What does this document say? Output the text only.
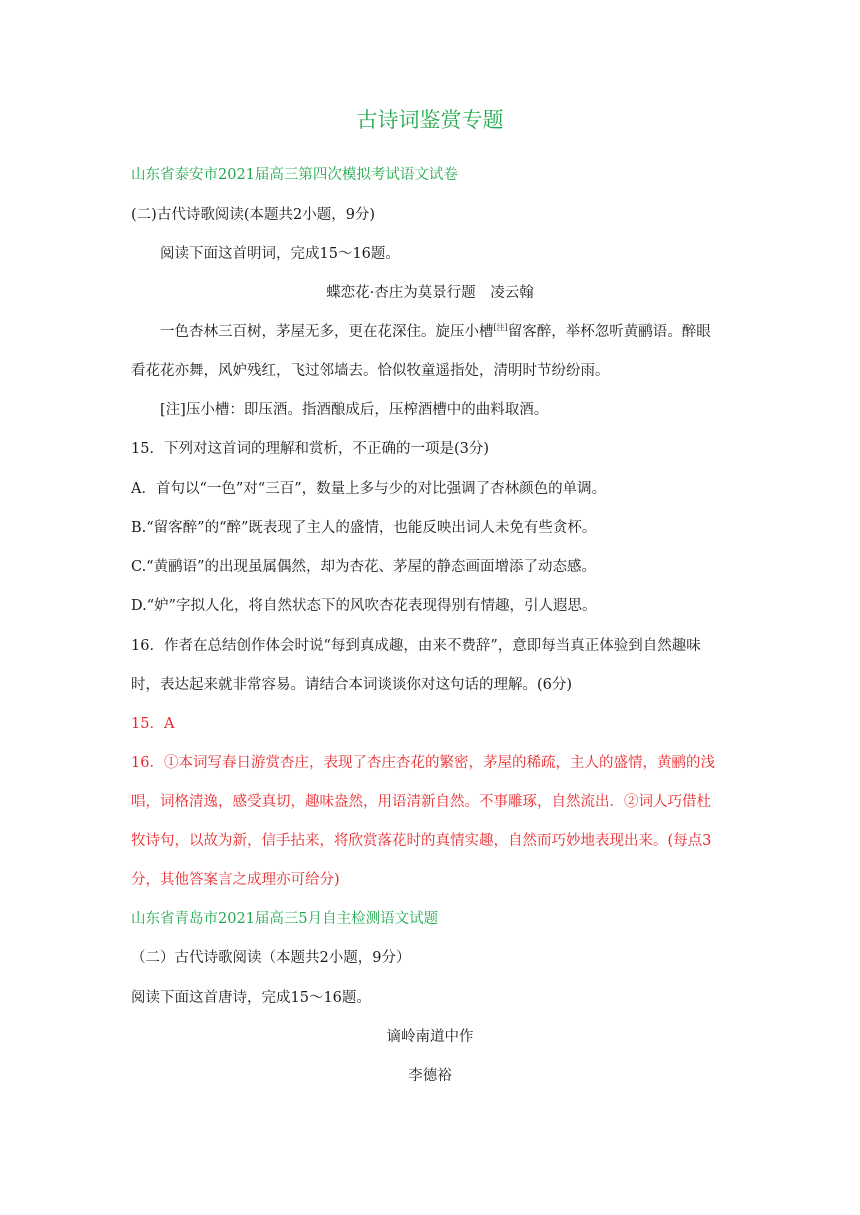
古诗词鉴赏专题
山东省泰安市2021届高三第四次模拟考试语文试卷
(二)古代诗歌阅读(本题共2小题，9分)
阅读下面这首明词，完成15～16题。
蝶恋花·杏庄为莫景行题　凌云翰
一色杏林三百树，茅屋无多，更在花深住。旋压小槽[注]留客醉，举杯忽听黄鹂语。醉眼
看花花亦舞，风妒残红，飞过邻墙去。恰似牧童遥指处，清明时节纷纷雨。
[注]压小槽：即压酒。指酒酿成后，压榨酒槽中的曲料取酒。
15．下列对这首词的理解和赏析，不正确的一项是(3分)
A．首句以“一色”对“三百”，数量上多与少的对比强调了杏林颜色的单调。
B.“留客醉”的“醉”既表现了主人的盛情，也能反映出词人未免有些贪杯。
C.“黄鹂语”的出现虽属偶然，却为杏花、茅屋的静态画面增添了动态感。
D.“妒”字拟人化，将自然状态下的风吹杏花表现得别有情趣，引人遐思。
16．作者在总结创作体会时说“每到真成趣，由来不费辞”，意即每当真正体验到自然趣味
时，表达起来就非常容易。请结合本词谈谈你对这句话的理解。(6分)
15．A
16．①本词写春日游赏杏庄，表现了杏庄杏花的繁密，茅屋的稀疏，主人的盛情，黄鹂的浅
唱，词格清逸，感受真切，趣味盎然，用语清新自然。不事雕琢，自然流出．②词人巧借杜
牧诗句，以故为新，信手拈来，将欣赏落花时的真情实趣，自然而巧妙地表现出来。(每点3
分，其他答案言之成理亦可给分)
山东省青岛市2021届高三5月自主检测语文试题
（二）古代诗歌阅读（本题共2小题，9分）
阅读下面这首唐诗，完成15～16题。
谪岭南道中作
李德裕
